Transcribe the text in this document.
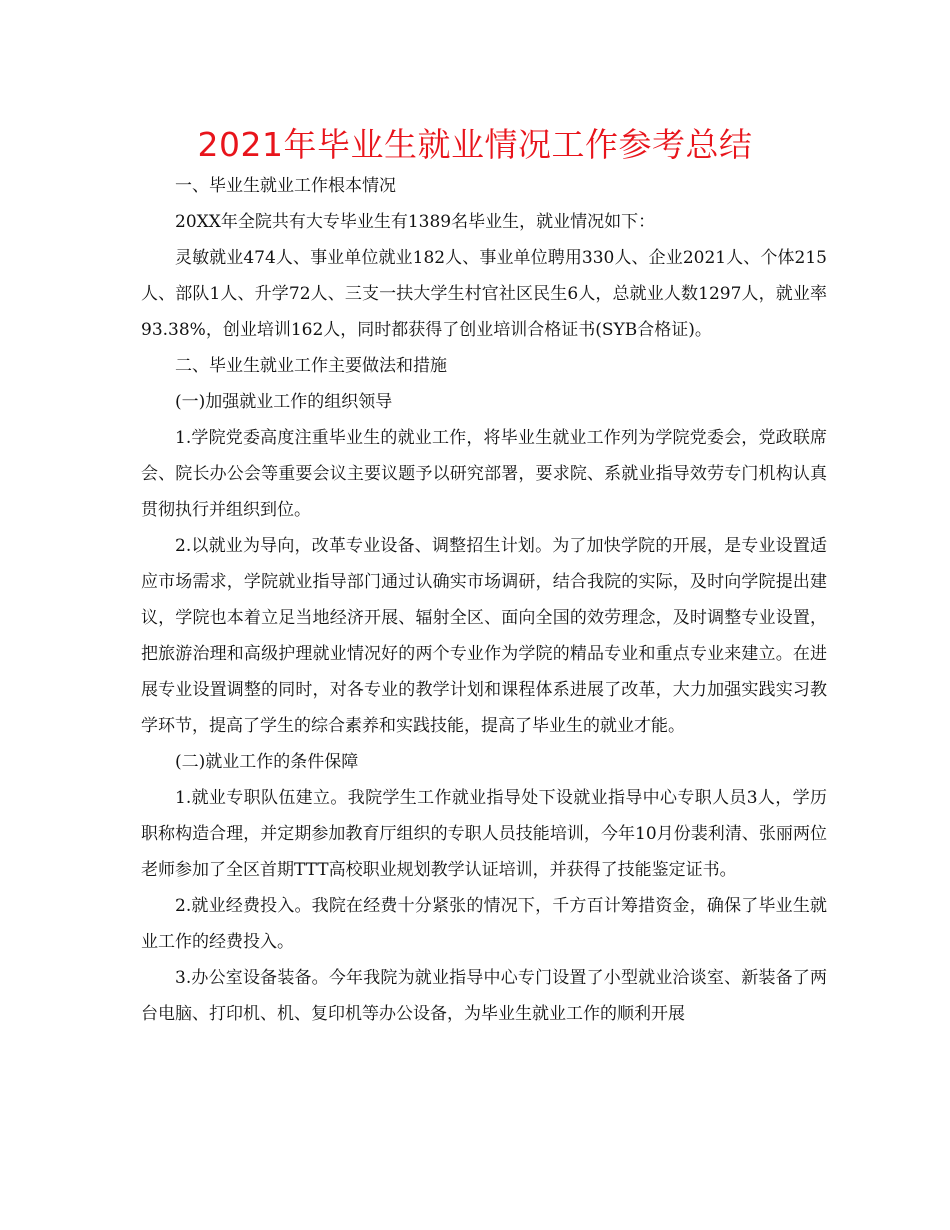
2021年毕业生就业情况工作参考总结

一、毕业生就业工作根本情况

20XX年全院共有大专毕业生有1389名毕业生，就业情况如下：

灵敏就业474人、事业单位就业182人、事业单位聘用330人、企业2021人、个体215人、部队1人、升学72人、三支一扶大学生村官社区民生6人，总就业人数1297人，就业率93.38%，创业培训162人，同时都获得了创业培训合格证书(SYB合格证)。

二、毕业生就业工作主要做法和措施

(一)加强就业工作的组织领导

1.学院党委高度注重毕业生的就业工作，将毕业生就业工作列为学院党委会，党政联席会、院长办公会等重要会议主要议题予以研究部署，要求院、系就业指导效劳专门机构认真贯彻执行并组织到位。

2.以就业为导向，改革专业设备、调整招生计划。为了加快学院的开展，是专业设置适应市场需求，学院就业指导部门通过认确实市场调研，结合我院的实际，及时向学院提出建议，学院也本着立足当地经济开展、辐射全区、面向全国的效劳理念，及时调整专业设置，把旅游治理和高级护理就业情况好的两个专业作为学院的精品专业和重点专业来建立。在进展专业设置调整的同时，对各专业的教学计划和课程体系进展了改革，大力加强实践实习教学环节，提高了学生的综合素养和实践技能，提高了毕业生的就业才能。

(二)就业工作的条件保障

1.就业专职队伍建立。我院学生工作就业指导处下设就业指导中心专职人员3人，学历职称构造合理，并定期参加教育厅组织的专职人员技能培训，今年10月份裴利清、张丽两位老师参加了全区首期TTT高校职业规划教学认证培训，并获得了技能鉴定证书。

2.就业经费投入。我院在经费十分紧张的情况下，千方百计筹措资金，确保了毕业生就业工作的经费投入。

3.办公室设备装备。今年我院为就业指导中心专门设置了小型就业洽谈室、新装备了两台电脑、打印机、机、复印机等办公设备，为毕业生就业工作的顺利开展
